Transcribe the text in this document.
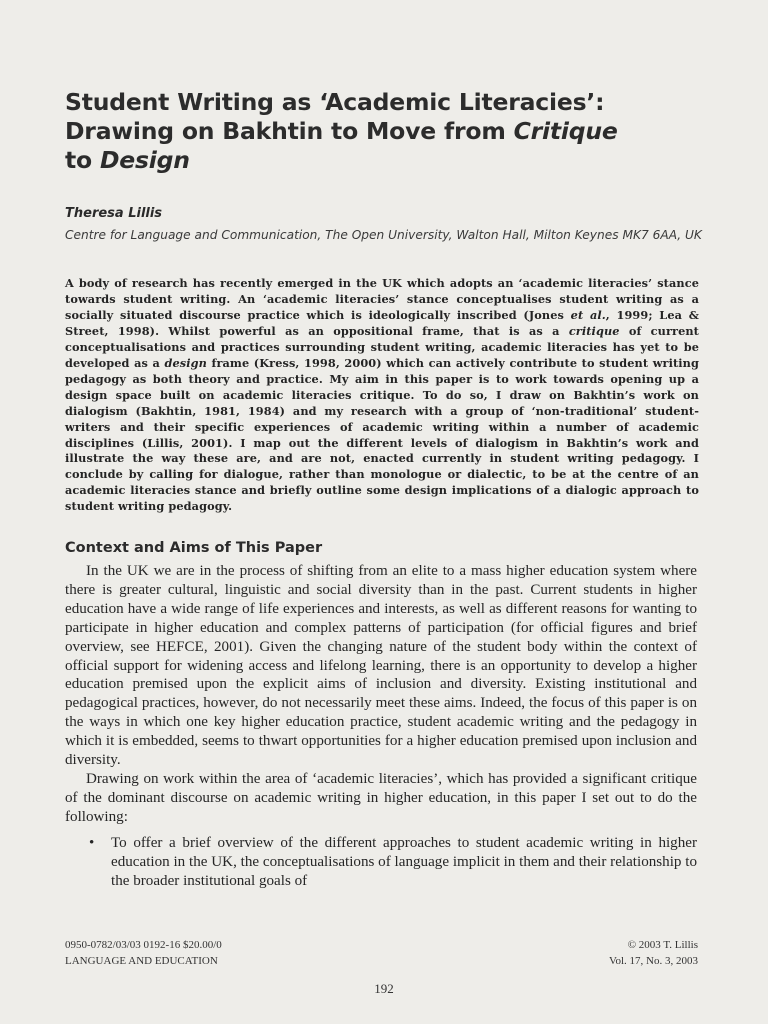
Student Writing as ‘Academic Literacies’:
Drawing on Bakhtin to Move from Critique
to Design
Theresa Lillis
Centre for Language and Communication, The Open University, Walton Hall, Milton Keynes MK7 6AA, UK
A body of research has recently emerged in the UK which adopts an ‘academic literacies’ stance towards student writing. An ‘academic literacies’ stance conceptualises student writing as a socially situated discourse practice which is ideologically inscribed (Jones et al., 1999; Lea & Street, 1998). Whilst powerful as an oppositional frame, that is as a critique of current conceptualisations and practices surrounding student writing, academic literacies has yet to be developed as a design frame (Kress, 1998, 2000) which can actively contribute to student writing pedagogy as both theory and practice. My aim in this paper is to work towards opening up a design space built on academic literacies critique. To do so, I draw on Bakhtin’s work on dialogism (Bakhtin, 1981, 1984) and my research with a group of ‘non-traditional’ student-writers and their specific experiences of academic writing within a number of academic disciplines (Lillis, 2001). I map out the different levels of dialogism in Bakhtin’s work and illustrate the way these are, and are not, enacted currently in student writing pedagogy. I conclude by calling for dialogue, rather than monologue or dialectic, to be at the centre of an academic literacies stance and briefly outline some design implications of a dialogic approach to student writing pedagogy.
Context and Aims of This Paper

In the UK we are in the process of shifting from an elite to a mass higher education system where there is greater cultural, linguistic and social diversity than in the past. Current students in higher education have a wide range of life experiences and interests, as well as different reasons for wanting to participate in higher education and complex patterns of participation (for official figures and brief overview, see HEFCE, 2001). Given the changing nature of the student body within the context of official support for widening access and lifelong learning, there is an opportunity to develop a higher education premised upon the explicit aims of inclusion and diversity. Existing institutional and pedagogical practices, however, do not necessarily meet these aims. Indeed, the focus of this paper is on the ways in which one key higher education practice, student academic writing and the pedagogy in which it is embedded, seems to thwart opportunities for a higher education premised upon inclusion and diversity.

Drawing on work within the area of ‘academic literacies’, which has provided a significant critique of the dominant discourse on academic writing in higher education, in this paper I set out to do the following:

• To offer a brief overview of the different approaches to student academic writing in higher education in the UK, the conceptualisations of language implicit in them and their relationship to the broader institutional goals of
0950-0782/03/03 0192-16 $20.00/0
LANGUAGE AND EDUCATION
© 2003 T. Lillis
Vol. 17, No. 3, 2003
192
